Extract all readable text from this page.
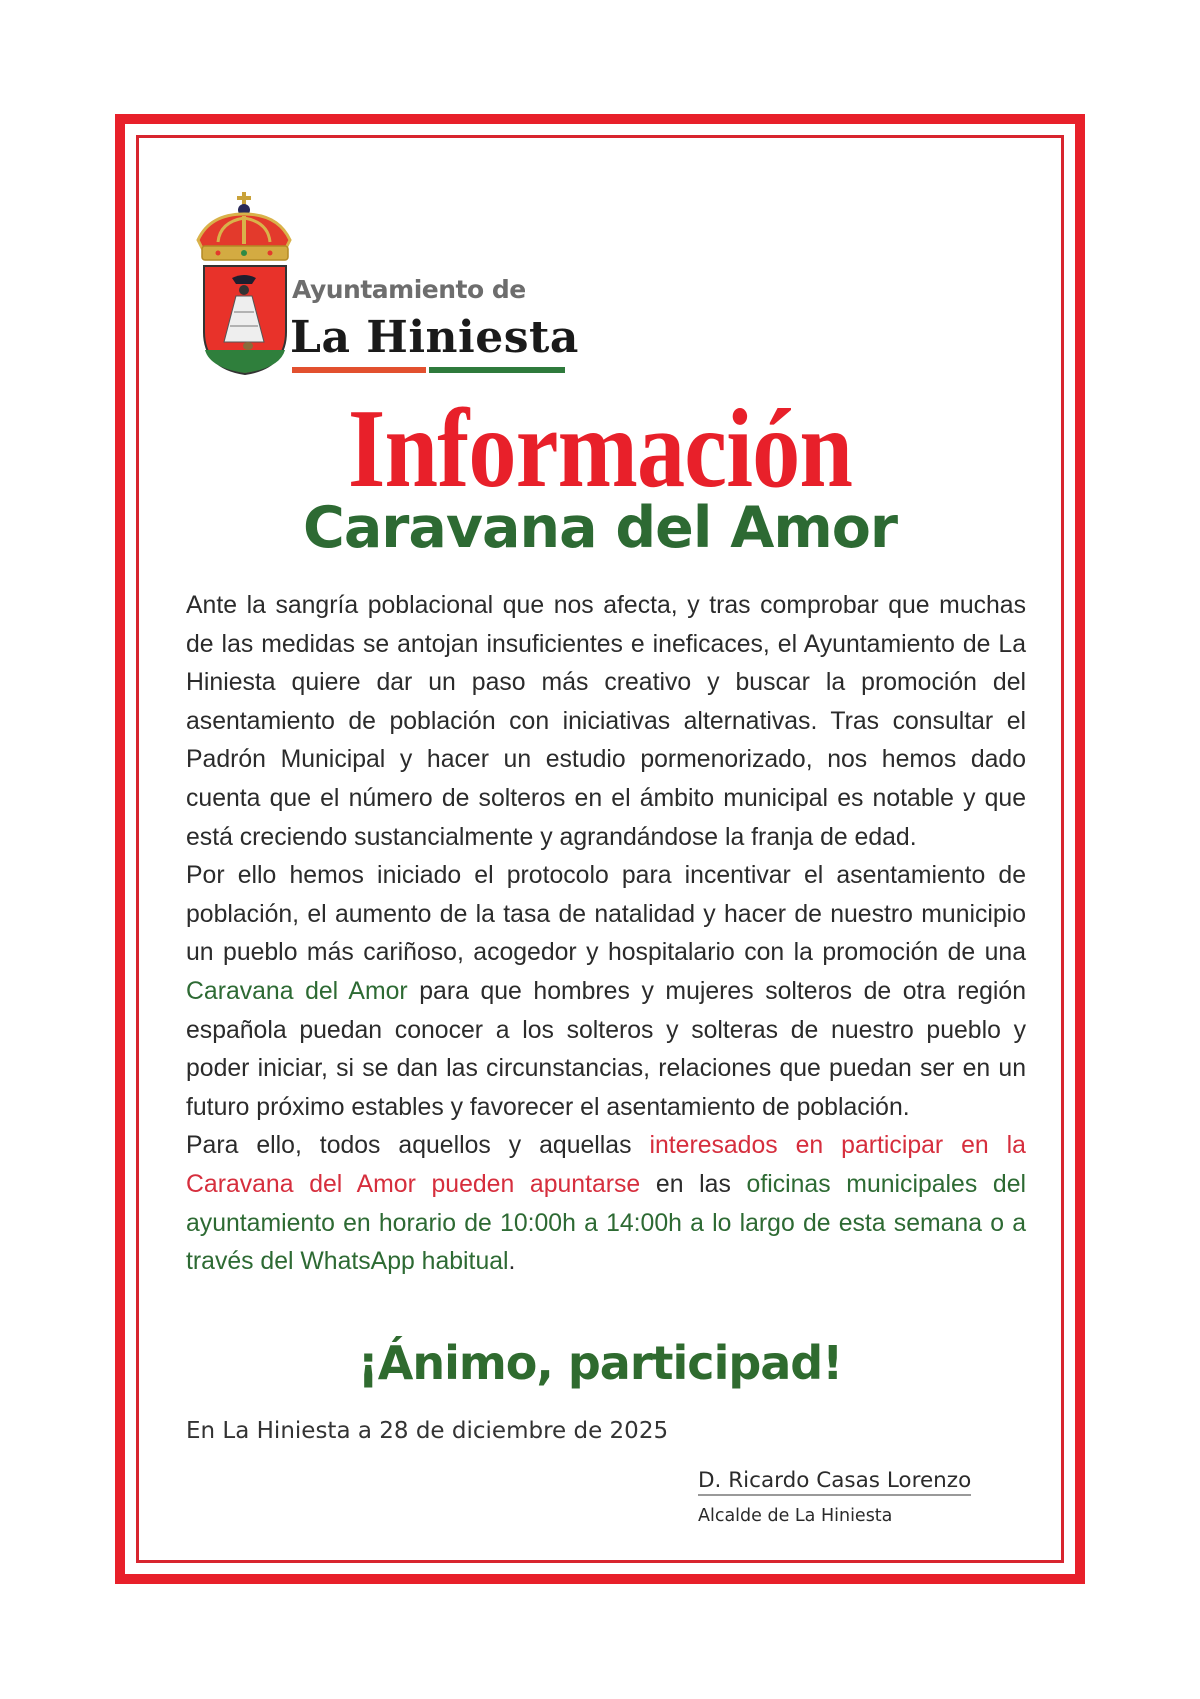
Ayuntamiento de
La Hiniesta
Información
Caravana del Amor

Ante la sangría poblacional que nos afecta, y tras comprobar que muchas de las medidas se antojan insuficientes e ineficaces, el Ayuntamiento de La Hiniesta quiere dar un paso más creativo y buscar la promoción del asentamiento de población con iniciativas alternativas. Tras consultar el Padrón Municipal y hacer un estudio pormenorizado, nos hemos dado cuenta que el número de solteros en el ámbito municipal es notable y que está creciendo sustancialmente y agrandándose la franja de edad.

Por ello hemos iniciado el protocolo para incentivar el asentamiento de población, el aumento de la tasa de natalidad y hacer de nuestro municipio un pueblo más cariñoso, acogedor y hospitalario con la promoción de una Caravana del Amor para que hombres y mujeres solteros de otra región española puedan conocer a los solteros y solteras de nuestro pueblo y poder iniciar, si se dan las circunstancias, relaciones que puedan ser en un futuro próximo estables y favorecer el asentamiento de población.

Para ello, todos aquellos y aquellas interesados en participar en la Caravana del Amor pueden apuntarse en las oficinas municipales del ayuntamiento en horario de 10:00h a 14:00h a lo largo de esta semana o a través del WhatsApp habitual.

¡Ánimo, participad!
En La Hiniesta a 28 de diciembre de 2025
D. Ricardo Casas Lorenzo
Alcalde de La Hiniesta
